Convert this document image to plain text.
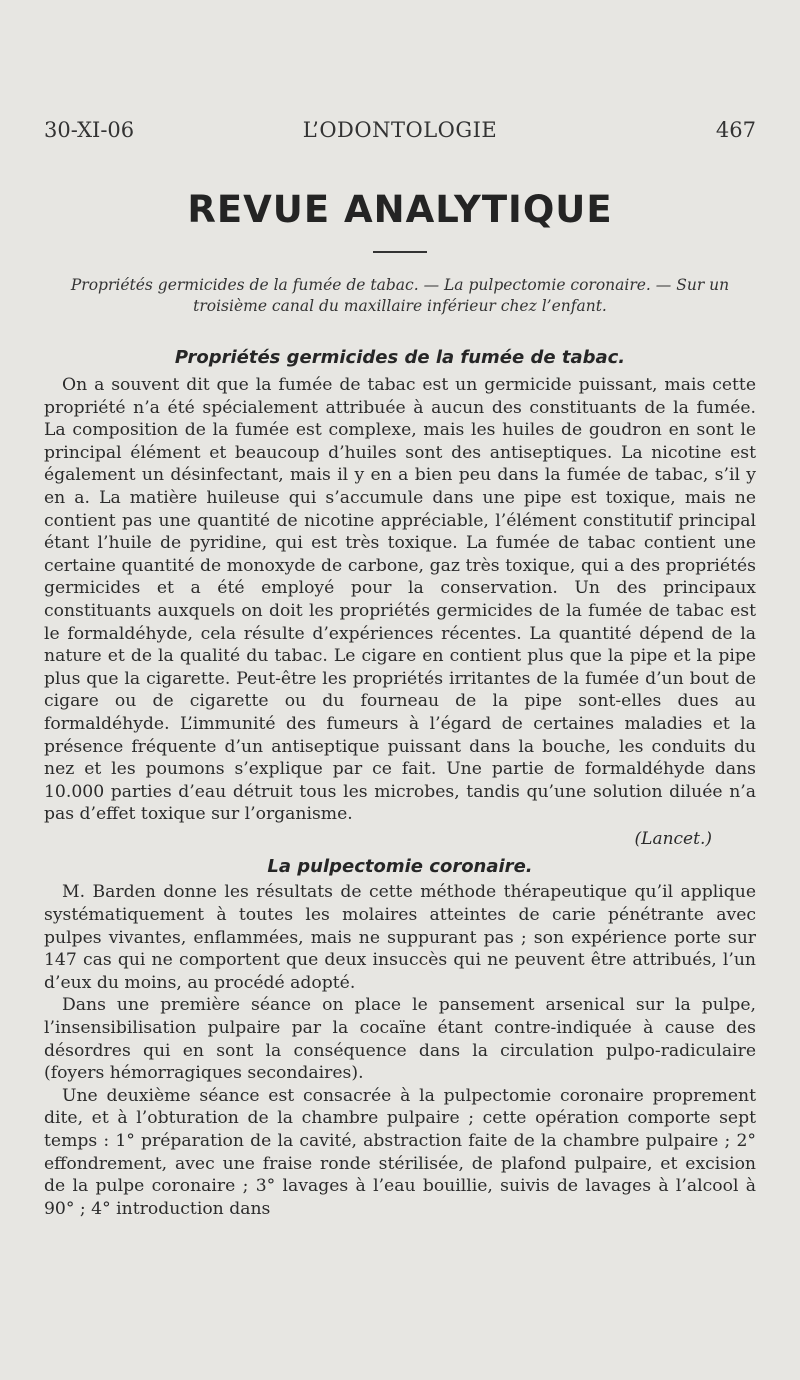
30-XI-06	L’ODONTOLOGIE	467
REVUE ANALYTIQUE
Propriétés germicides de la fumée de tabac. — La pulpectomie coronaire. — Sur un troisième canal du maxillaire inférieur chez l’enfant.
Propriétés germicides de la fumée de tabac.

On a souvent dit que la fumée de tabac est un germicide puissant, mais cette propriété n’a été spécialement attribuée à aucun des constituants de la fumée. La composition de la fumée est complexe, mais les huiles de goudron en sont le principal élément et beaucoup d’huiles sont des antiseptiques. La nicotine est également un désinfectant, mais il y en a bien peu dans la fumée de tabac, s’il y en a. La matière huileuse qui s’accumule dans une pipe est toxique, mais ne contient pas une quantité de nicotine appréciable, l’élément constitutif principal étant l’huile de pyridine, qui est très toxique. La fumée de tabac contient une certaine quantité de monoxyde de carbone, gaz très toxique, qui a des propriétés germicides et a été employé pour la conservation. Un des principaux constituants auxquels on doit les propriétés germicides de la fumée de tabac est le formaldéhyde, cela résulte d’expériences récentes. La quantité dépend de la nature et de la qualité du tabac. Le cigare en contient plus que la pipe et la pipe plus que la cigarette. Peut-être les propriétés irritantes de la fumée d’un bout de cigare ou de cigarette ou du fourneau de la pipe sont-elles dues au formaldéhyde. L’immunité des fumeurs à l’égard de certaines maladies et la présence fréquente d’un antiseptique puissant dans la bouche, les conduits du nez et les poumons s’explique par ce fait. Une partie de formaldéhyde dans 10.000 parties d’eau détruit tous les microbes, tandis qu’une solution diluée n’a pas d’effet toxique sur l’organisme.

(Lancet.)
La pulpectomie coronaire.

M. Barden donne les résultats de cette méthode thérapeutique qu’il applique systématiquement à toutes les molaires atteintes de carie pénétrante avec pulpes vivantes, enflammées, mais ne suppurant pas ; son expérience porte sur 147 cas qui ne comportent que deux insuccès qui ne peuvent être attribués, l’un d’eux du moins, au procédé adopté.

Dans une première séance on place le pansement arsenical sur la pulpe, l’insensibilisation pulpaire par la cocaïne étant contre-indiquée à cause des désordres qui en sont la conséquence dans la circulation pulpo-radiculaire (foyers hémorragiques secondaires).

Une deuxième séance est consacrée à la pulpectomie coronaire proprement dite, et à l’obturation de la chambre pulpaire ; cette opération comporte sept temps : 1° préparation de la cavité, abstraction faite de la chambre pulpaire ; 2° effondrement, avec une fraise ronde stérilisée, de plafond pulpaire, et excision de la pulpe coronaire ; 3° lavages à l’eau bouillie, suivis de lavages à l’alcool à 90° ; 4° introduction dans
